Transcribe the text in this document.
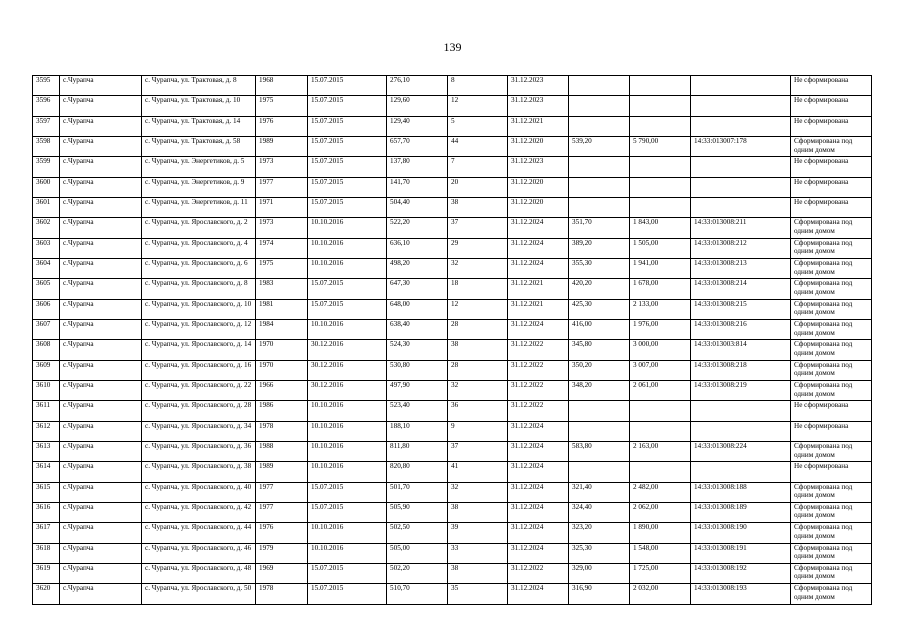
139
3595	с.Чурапча	с. Чурапча, ул. Трактовая, д. 8	1968	15.07.2015	276,10	8	31.12.2023				Не сформирована
3596	с.Чурапча	с. Чурапча, ул. Трактовая, д. 10	1975	15.07.2015	129,60	12	31.12.2023				Не сформирована
3597	с.Чурапча	с. Чурапча, ул. Трактовая, д. 14	1976	15.07.2015	129,40	5	31.12.2021				Не сформирована
3598	с.Чурапча	с. Чурапча, ул. Трактовая, д. 58	1989	15.07.2015	657,70	44	31.12.2020	539,20	5 790,00	14:33:013007:178	Сформирована под одним домом
3599	с.Чурапча	с. Чурапча, ул. Энергетиков, д. 5	1973	15.07.2015	137,80	7	31.12.2023				Не сформирована
3600	с.Чурапча	с. Чурапча, ул. Энергетиков, д. 9	1977	15.07.2015	141,70	20	31.12.2020				Не сформирована
3601	с.Чурапча	с. Чурапча, ул. Энергетиков, д. 11	1971	15.07.2015	504,40	38	31.12.2020				Не сформирована
3602	с.Чурапча	с. Чурапча, ул. Ярославского, д. 2	1973	10.10.2016	522,20	37	31.12.2024	351,70	1 843,00	14:33:013008:211	Сформирована под одним домом
3603	с.Чурапча	с. Чурапча, ул. Ярославского, д. 4	1974	10.10.2016	636,10	29	31.12.2024	389,20	1 505,00	14:33:013008:212	Сформирована под одним домом
3604	с.Чурапча	с. Чурапча, ул. Ярославского, д. 6	1975	10.10.2016	498,20	32	31.12.2024	355,30	1 941,00	14:33:013008:213	Сформирована под одним домом
3605	с.Чурапча	с. Чурапча, ул. Ярославского, д. 8	1983	15.07.2015	647,30	18	31.12.2021	420,20	1 678,00	14:33:013008:214	Сформирована под одним домом
3606	с.Чурапча	с. Чурапча, ул. Ярославского, д. 10	1981	15.07.2015	648,00	12	31.12.2021	425,30	2 133,00	14:33:013008:215	Сформирована под одним домом
3607	с.Чурапча	с. Чурапча, ул. Ярославского, д. 12	1984	10.10.2016	638,40	28	31.12.2024	416,00	1 976,00	14:33:013008:216	Сформирована под одним домом
3608	с.Чурапча	с. Чурапча, ул. Ярославского, д. 14	1970	30.12.2016	524,30	38	31.12.2022	345,80	3 000,00	14:33:013003:814	Сформирована под одним домом
3609	с.Чурапча	с. Чурапча, ул. Ярославского, д. 16	1970	30.12.2016	530,80	28	31.12.2022	350,20	3 007,00	14:33:013008:218	Сформирована под одним домом
3610	с.Чурапча	с. Чурапча, ул. Ярославского, д. 22	1966	30.12.2016	497,90	32	31.12.2022	348,20	2 061,00	14:33:013008:219	Сформирована под одним домом
3611	с.Чурапча	с. Чурапча, ул. Ярославского, д. 28	1986	10.10.2016	523,40	36	31.12.2022				Не сформирована
3612	с.Чурапча	с. Чурапча, ул. Ярославского, д. 34	1978	10.10.2016	188,10	9	31.12.2024				Не сформирована
3613	с.Чурапча	с. Чурапча, ул. Ярославского, д. 36	1988	10.10.2016	811,80	37	31.12.2024	583,80	2 163,00	14:33:013008:224	Сформирована под одним домом
3614	с.Чурапча	с. Чурапча, ул. Ярославского, д. 38	1989	10.10.2016	820,80	41	31.12.2024				Не сформирована
3615	с.Чурапча	с. Чурапча, ул. Ярославского, д. 40	1977	15.07.2015	501,70	32	31.12.2024	321,40	2 482,00	14:33:013008:188	Сформирована под одним домом
3616	с.Чурапча	с. Чурапча, ул. Ярославского, д. 42	1977	15.07.2015	505,90	38	31.12.2024	324,40	2 062,00	14:33:013008:189	Сформирована под одним домом
3617	с.Чурапча	с. Чурапча, ул. Ярославского, д. 44	1976	10.10.2016	502,50	39	31.12.2024	323,20	1 890,00	14:33:013008:190	Сформирована под одним домом
3618	с.Чурапча	с. Чурапча, ул. Ярославского, д. 46	1979	10.10.2016	505,00	33	31.12.2024	325,30	1 548,00	14:33:013008:191	Сформирована под одним домом
3619	с.Чурапча	с. Чурапча, ул. Ярославского, д. 48	1969	15.07.2015	502,20	38	31.12.2022	329,00	1 725,00	14:33:013008:192	Сформирована под одним домом
3620	с.Чурапча	с. Чурапча, ул. Ярославского, д. 50	1978	15.07.2015	510,70	35	31.12.2024	316,90	2 032,00	14:33:013008:193	Сформирована под одним домом
